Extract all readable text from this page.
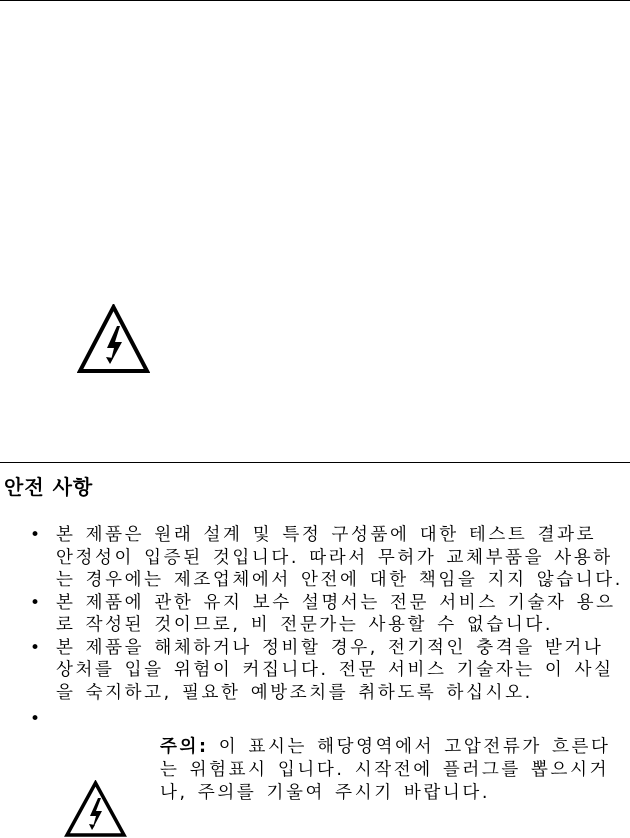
안전 사항
• 본 제품은 원래 설계 및 특정 구성품에 대한 테스트 결과로 안정성이 입증된 것입니다. 따라서 무허가 교체부품을 사용하는 경우에는 제조업체에서 안전에 대한 책임을 지지 않습니다.
• 본 제품에 관한 유지 보수 설명서는 전문 서비스 기술자 용으로 작성된 것이므로, 비 전문가는 사용할 수 없습니다.
• 본 제품을 해체하거나 정비할 경우, 전기적인 충격을 받거나 상처를 입을 위험이 커집니다. 전문 서비스 기술자는 이 사실을 숙지하고, 필요한 예방조치를 취하도록 하십시오.
•
주의: 이 표시는 해당영역에서 고압전류가 흐른다는 위험표시 입니다. 시작전에 플러그를 뽑으시거나, 주의를 기울여 주시기 바랍니다.
